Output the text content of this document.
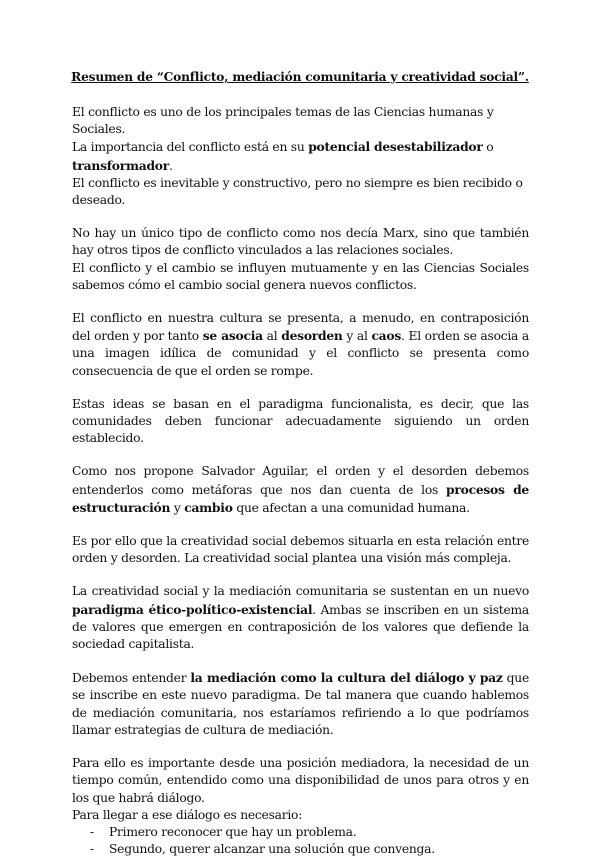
Resumen de “Conflicto, mediación comunitaria y creatividad social”.

El conflicto es uno de los principales temas de las Ciencias humanas y Sociales.
La importancia del conflicto está en su potencial desestabilizador o transformador.
El conflicto es inevitable y constructivo, pero no siempre es bien recibido o deseado.

No hay un único tipo de conflicto como nos decía Marx, sino que también hay otros tipos de conflicto vinculados a las relaciones sociales.
El conflicto y el cambio se influyen mutuamente y en las Ciencias Sociales sabemos cómo el cambio social genera nuevos conflictos.

El conflicto en nuestra cultura se presenta, a menudo, en contraposición del orden y por tanto se asocia al desorden y al caos. El orden se asocia a una imagen idílica de comunidad y el conflicto se presenta como consecuencia de que el orden se rompe.

Estas ideas se basan en el paradigma funcionalista, es decir, que las comunidades deben funcionar adecuadamente siguiendo un orden establecido.

Como nos propone Salvador Aguilar, el orden y el desorden debemos entenderlos como metáforas que nos dan cuenta de los procesos de estructuración y cambio que afectan a una comunidad humana.

Es por ello que la creatividad social debemos situarla en esta relación entre orden y desorden. La creatividad social plantea una visión más compleja.

La creatividad social y la mediación comunitaria se sustentan en un nuevo paradigma ético-político-existencial. Ambas se inscriben en un sistema de valores que emergen en contraposición de los valores que defiende la sociedad capitalista.

Debemos entender la mediación como la cultura del diálogo y paz que se inscribe en este nuevo paradigma. De tal manera que cuando hablemos de mediación comunitaria, nos estaríamos refiriendo a lo que podríamos llamar estrategias de cultura de mediación.

Para ello es importante desde una posición mediadora, la necesidad de un tiempo común, entendido como una disponibilidad de unos para otros y en los que habrá diálogo.

Para llegar a ese diálogo es necesario:

- Primero reconocer que hay un problema.
- Segundo, querer alcanzar una solución que convenga.
